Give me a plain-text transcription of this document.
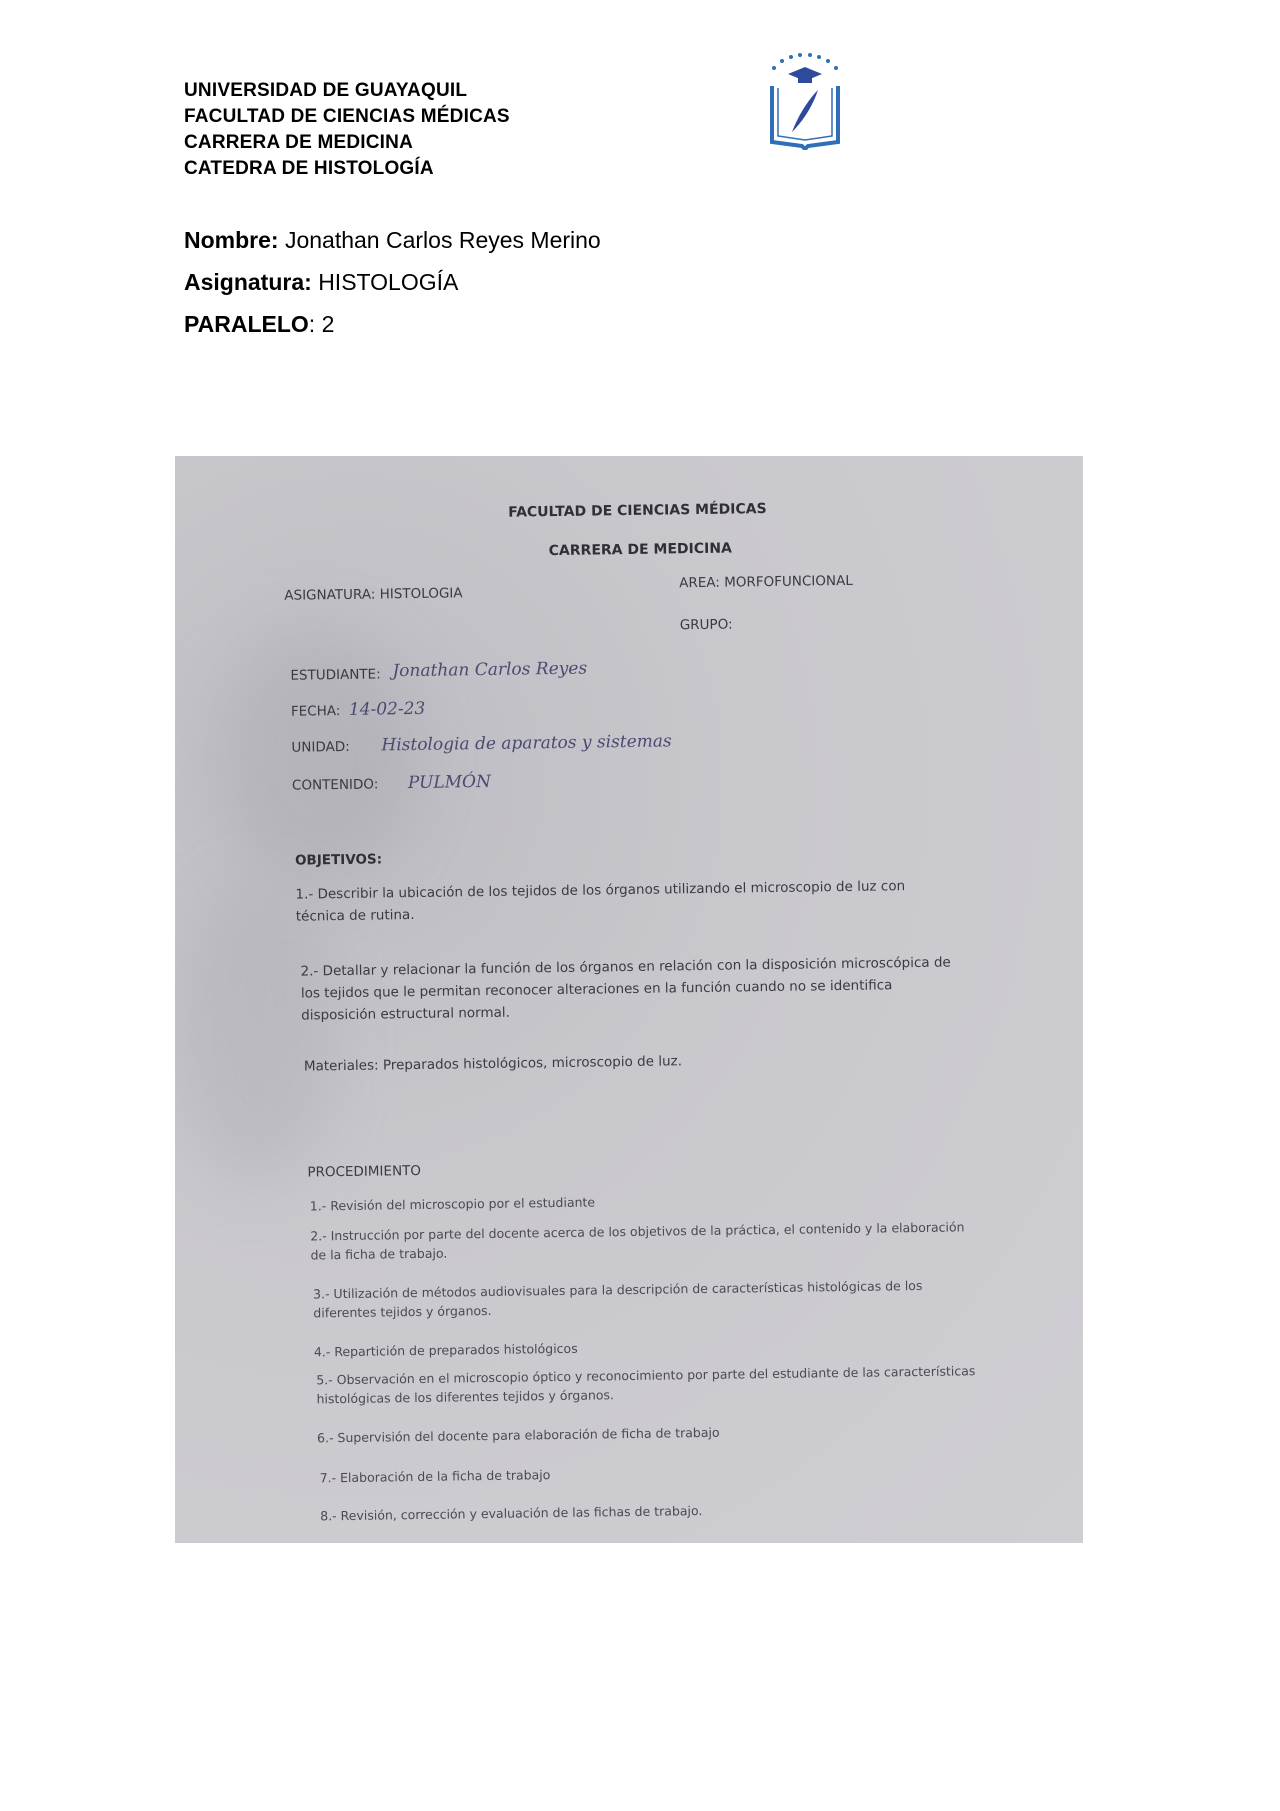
UNIVERSIDAD DE GUAYAQUIL
FACULTAD DE CIENCIAS MÉDICAS
CARRERA DE MEDICINA
CATEDRA DE HISTOLOGÍA
Nombre: Jonathan Carlos Reyes Merino
Asignatura: HISTOLOGÍA
PARALELO: 2
FACULTAD DE CIENCIAS MÉDICAS
CARRERA DE MEDICINA
ASIGNATURA: HISTOLOGIA
AREA: MORFOFUNCIONAL
GRUPO:
ESTUDIANTE: Jonathan Carlos Reyes
FECHA: 14-02-23
UNIDAD: Histologia de aparatos y sistemas
CONTENIDO: PULMÓN
OBJETIVOS:
1.- Describir la ubicación de los tejidos de los órganos utilizando el microscopio de luz con técnica de rutina.
2.- Detallar y relacionar la función de los órganos en relación con la disposición microscópica de los tejidos que le permitan reconocer alteraciones en la función cuando no se identifica disposición estructural normal.
Materiales: Preparados histológicos, microscopio de luz.
PROCEDIMIENTO
1.- Revisión del microscopio por el estudiante
2.- Instrucción por parte del docente acerca de los objetivos de la práctica, el contenido y la elaboración de la ficha de trabajo.
3.- Utilización de métodos audiovisuales para la descripción de características histológicas de los diferentes tejidos y órganos.
4.- Repartición de preparados histológicos
5.- Observación en el microscopio óptico y reconocimiento por parte del estudiante de las características histológicas de los diferentes tejidos y órganos.
6.- Supervisión del docente para elaboración de ficha de trabajo
7.- Elaboración de la ficha de trabajo
8.- Revisión, corrección y evaluación de las fichas de trabajo.
